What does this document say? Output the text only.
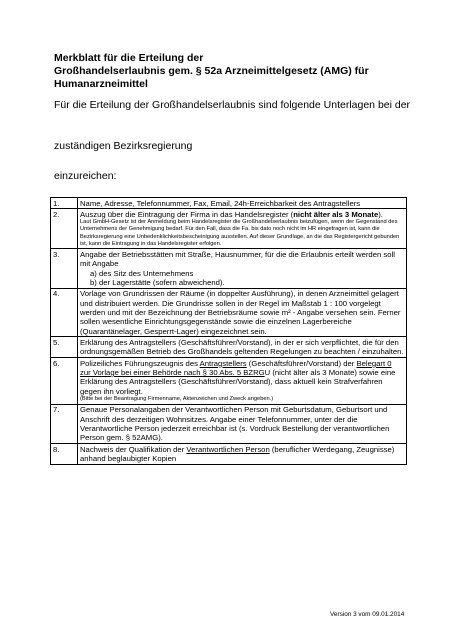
Merkblatt für die Erteilung der
Großhandelserlaubnis gem. § 52a Arzneimittelgesetz (AMG) für
Humanarzneimittel
Für die Erteilung der Großhandelserlaubnis sind folgende Unterlagen bei der
zuständigen Bezirksregierung
einzureichen:
1.	Name, Adresse, Telefonnummer, Fax, Email, 24h-Erreichbarkeit des Antragstellers
2.	Auszug über die Eintragung der Firma in das Handelsregister (nicht älter als 3 Monate).
Laut GmbH-Gesetz ist der Anmeldung beim Handelsregister die Großhandelserlaubnis beizufügen, wenn der Gegenstand des Unternehmens der Genehmigung bedarf. Für den Fall, dass die Fa. bis dato noch nicht im HR eingetragen ist, kann die Bezirksregierung eine Unbedenklichkeitsbescheinigung ausstellen. Auf dieser Grundlage, an die das Registergericht gebunden ist, kann die Eintragung in das Handelsregister erfolgen.

3.	Angabe der Betriebsstätten mit Straße, Hausnummer, für die die Erlaubnis erteilt werden soll mit Angabe
a) des Sitz des Unternehmens
b) der Lagerstätte (sofern abweichend).

4.	Vorlage von Grundrissen der Räume (in doppelter Ausführung), in denen Arzneimittel gelagert und distribuiert werden. Die Grundrisse sollen in der Regel im Maßstab 1 : 100 vorgelegt werden und mit der Bezeichnung der Betriebsräume sowie m² - Angabe versehen sein. Ferner sollen wesentliche Einrichtungsgegenstände sowie die einzelnen Lagerbereiche (Quarantänelager, Gesperrt-Lager) eingezeichnet sein.
5.	Erklärung des Antragstellers (Geschäftsführer/Vorstand), in der er sich verpflichtet, die für den ordnungsgemäßen Betrieb des Großhandels geltenden Regelungen zu beachten / einzuhalten.
6.	Polizeiliches Führungszeugnis des Antragstellers (Geschäftsführer/Vorstand) der Belegart 0 zur Vorlage bei einer Behörde nach § 30 Abs. 5 BZRGU (nicht älter als 3 Monate) sowie eine Erklärung des Antragstellers (Geschäftsführer/Vorstand), dass aktuell kein Strafverfahren gegen ihn vorliegt.
(Bitte bei der Beantragung Firmenname, Aktenzeichen und Zweck angeben.)

7.	Genaue Personalangaben der Verantwortlichen Person mit Geburtsdatum, Geburtsort und Anschrift des derzeitigen Wohnsitzes. Angabe einer Telefonnummer, unter der die Verantwortliche Person jederzeit erreichbar ist (s. Vordruck Bestellung der verantwortlichen Person gem. § 52AMG).
8.	Nachweis der Qualifikation der Verantwortlichen Person (beruflicher Werdegang, Zeugnisse) anhand beglaubigter Kopien
Version 3 vom 09.01.2014
